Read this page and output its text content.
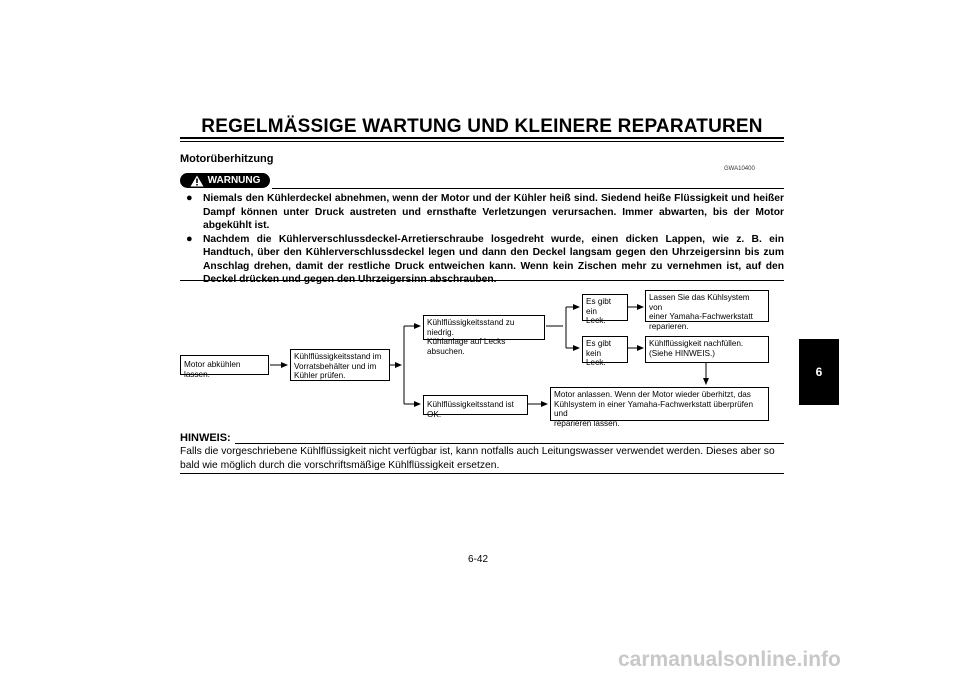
REGELMÄSSIGE WARTUNG UND KLEINERE REPARATUREN
Motorüberhitzung
GWA10400
WARNUNG
●	Niemals den Kühlerdeckel abnehmen, wenn der Motor und der Kühler heiß sind. Siedend heiße Flüssigkeit und heißer Dampf können unter Druck austreten und ernsthafte Verletzungen verursachen. Immer abwarten, bis der Motor abgekühlt ist.
●	Nachdem die Kühlerverschlussdeckel-Arretierschraube losgedreht wurde, einen dicken Lappen, wie z. B. ein Handtuch, über den Kühlerverschlussdeckel legen und dann den Deckel langsam gegen den Uhrzeigersinn bis zum Anschlag drehen, damit der restliche Druck entweichen kann. Wenn kein Zischen mehr zu vernehmen ist, auf den
Motor abkühlen lassen.
Kühlflüssigkeitsstand im
Vorratsbehälter und im
Kühler prüfen.
Kühlflüssigkeitsstand zu niedrig.
Kühlanlage auf Lecks absuchen.
Kühlflüssigkeitsstand ist OK.
Es gibt ein
Leck.
Es gibt kein
Leck.
Lassen Sie das Kühlsystem von
einer Yamaha-Fachwerkstatt
reparieren.
Kühlflüssigkeit nachfüllen.
(Siehe HINWEIS.)
Motor anlassen. Wenn der Motor wieder überhitzt, das
Kühlsystem in einer Yamaha-Fachwerkstatt überprüfen und
reparieren lassen.
HINWEIS:
Falls die vorgeschriebene Kühlflüssigkeit nicht verfügbar ist, kann notfalls auch Leitungswasser verwendet werden. Dieses aber so bald wie möglich durch die vorschriftsmäßige Kühlflüssigkeit ersetzen.
6-42
6
carmanualsonline.info
